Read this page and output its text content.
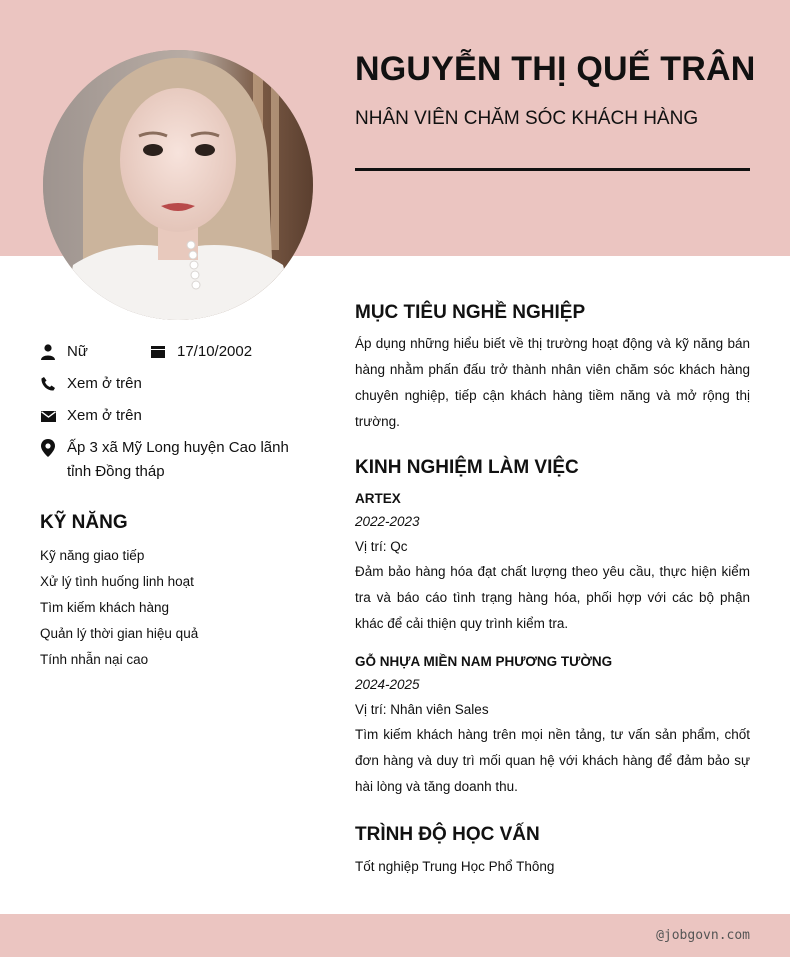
@jobgovn.com
NGUYỄN THỊ QUẾ TRÂN
NHÂN VIÊN CHĂM SÓC KHÁCH HÀNG
Nữ	17/10/2002
Xem ở trên
Xem ở trên
Ấp 3 xã Mỹ Long huyện Cao lãnh tỉnh Đồng tháp
KỸ NĂNG
Kỹ năng giao tiếp
Xử lý tình huống linh hoạt
Tìm kiếm khách hàng
Quản lý thời gian hiệu quả
Tính nhẫn nại cao
MỤC TIÊU NGHỀ NGHIỆP

Áp dụng những hiểu biết về thị trường hoạt động và kỹ năng bán hàng nhằm phấn đấu trở thành nhân viên chăm sóc khách hàng chuyên nghiệp, tiếp cận khách hàng tiềm năng và mở rộng thị trường.

KINH NGHIỆM LÀM VIỆC

ARTEX

2022-2023

Vị trí: Qc

Đảm bảo hàng hóa đạt chất lượng theo yêu cầu, thực hiện kiểm tra và báo cáo tình trạng hàng hóa, phối hợp với các bộ phận khác để cải thiện quy trình kiểm tra.

GỖ NHỰA MIỀN NAM PHƯƠNG TƯỜNG

2024-2025

Vị trí: Nhân viên Sales

Tìm kiếm khách hàng trên mọi nền tảng, tư vấn sản phẩm, chốt đơn hàng và duy trì mối quan hệ với khách hàng để đảm bảo sự hài lòng và tăng doanh thu.

TRÌNH ĐỘ HỌC VẤN

Tốt nghiệp Trung Học Phổ Thông
